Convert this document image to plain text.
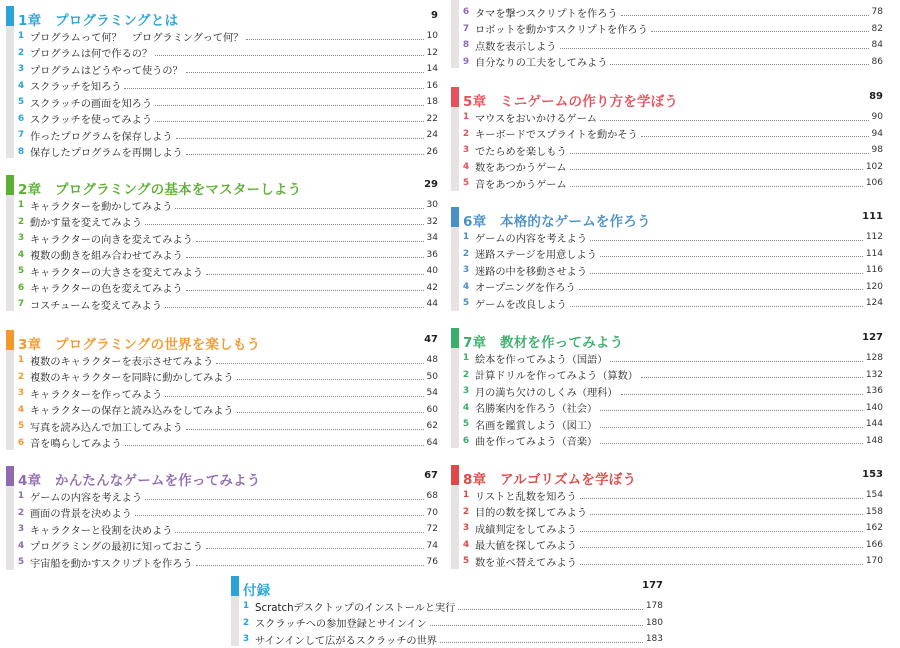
1章　プログラミングとは	9
1 プログラムって何？　プログラミングって何？	10
2 プログラムは何で作るの？	12
3 プログラムはどうやって使うの？	14
4 スクラッチを知ろう	16
5 スクラッチの画面を知ろう	18
6 スクラッチを使ってみよう	22
7 作ったプログラムを保存しよう	24
8 保存したプログラムを再開しよう	26
2章　プログラミングの基本をマスターしよう	29
1 キャラクターを動かしてみよう	30
2 動かす量を変えてみよう	32
3 キャラクターの向きを変えてみよう	34
4 複数の動きを組み合わせてみよう	36
5 キャラクターの大きさを変えてみよう	40
6 キャラクターの色を変えてみよう	42
7 コスチュームを変えてみよう	44
3章　プログラミングの世界を楽しもう	47
1 複数のキャラクターを表示させてみよう	48
2 複数のキャラクターを同時に動かしてみよう	50
3 キャラクターを作ってみよう	54
4 キャラクターの保存と読み込みをしてみよう	60
5 写真を読み込んで加工してみよう	62
6 音を鳴らしてみよう	64
4章　かんたんなゲームを作ってみよう	67
1 ゲームの内容を考えよう	68
2 画面の背景を決めよう	70
3 キャラクターと役割を決めよう	72
4 プログラミングの最初に知っておこう	74
5 宇宙船を動かすスクリプトを作ろう	76
6 タマを撃つスクリプトを作ろう	78
7 ロボットを動かすスクリプトを作ろう	82
8 点数を表示しよう	84
9 自分なりの工夫をしてみよう	86
5章　ミニゲームの作り方を学ぼう	89
1 マウスをおいかけるゲーム	90
2 キーボードでスプライトを動かそう	94
3 でたらめを楽しもう	98
4 数をあつかうゲーム	102
5 音をあつかうゲーム	106
6章　本格的なゲームを作ろう	111
1 ゲームの内容を考えよう	112
2 迷路ステージを用意しよう	114
3 迷路の中を移動させよう	116
4 オープニングを作ろう	120
5 ゲームを改良しよう	124
7章　教材を作ってみよう	127
1 絵本を作ってみよう（国語）	128
2 計算ドリルを作ってみよう（算数）	132
3 月の満ち欠けのしくみ（理科）	136
4 名勝案内を作ろう（社会）	140
5 名画を鑑賞しよう（図工）	144
6 曲を作ってみよう（音楽）	148
8章　アルゴリズムを学ぼう	153
1 リストと乱数を知ろう	154
2 目的の数を探してみよう	158
3 成績判定をしてみよう	162
4 最大値を探してみよう	166
5 数を並べ替えてみよう	170
付録	177
1 Scratchデスクトップのインストールと実行	178
2 スクラッチへの参加登録とサインイン	180
3 サインインして広がるスクラッチの世界	183
